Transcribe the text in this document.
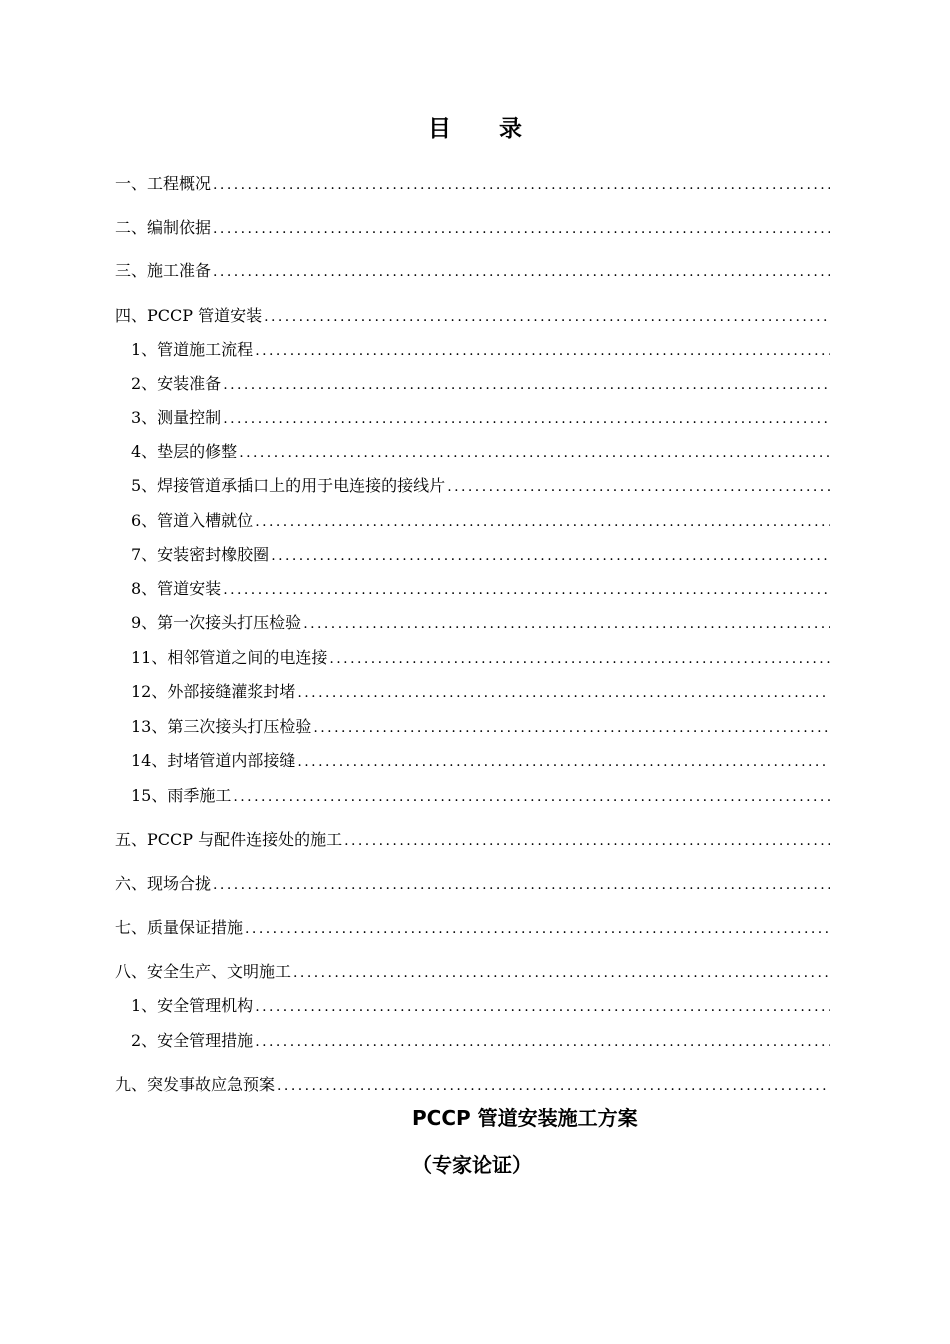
目 录
一、工程概况
. . .
二、编制依据
. . .
三、施工准备
. . .
四、PCCP 管道安装
. . .
1、管道施工流程
. . .
2、安装准备
. . .
3、测量控制
. . .
4、垫层的修整
. . .
5、焊接管道承插口上的用于电连接的接线片
. . .
6、管道入槽就位
. . .
7、安装密封橡胶圈
. . .
8、管道安装
. . .
9、第一次接头打压检验
. . .
11、相邻管道之间的电连接
. . .
12、外部接缝灌浆封堵
. . .
13、第三次接头打压检验
. . .
14、封堵管道内部接缝
. . .
15、雨季施工
. . .
五、PCCP 与配件连接处的施工
. . .
六、现场合拢
. . .
七、质量保证措施
. . .
八、安全生产、文明施工
. . .
1、安全管理机构
. . .
2、安全管理措施
. . .
九、突发事故应急预案
. . .
PCCP 管道安装施工方案
（专家论证）
